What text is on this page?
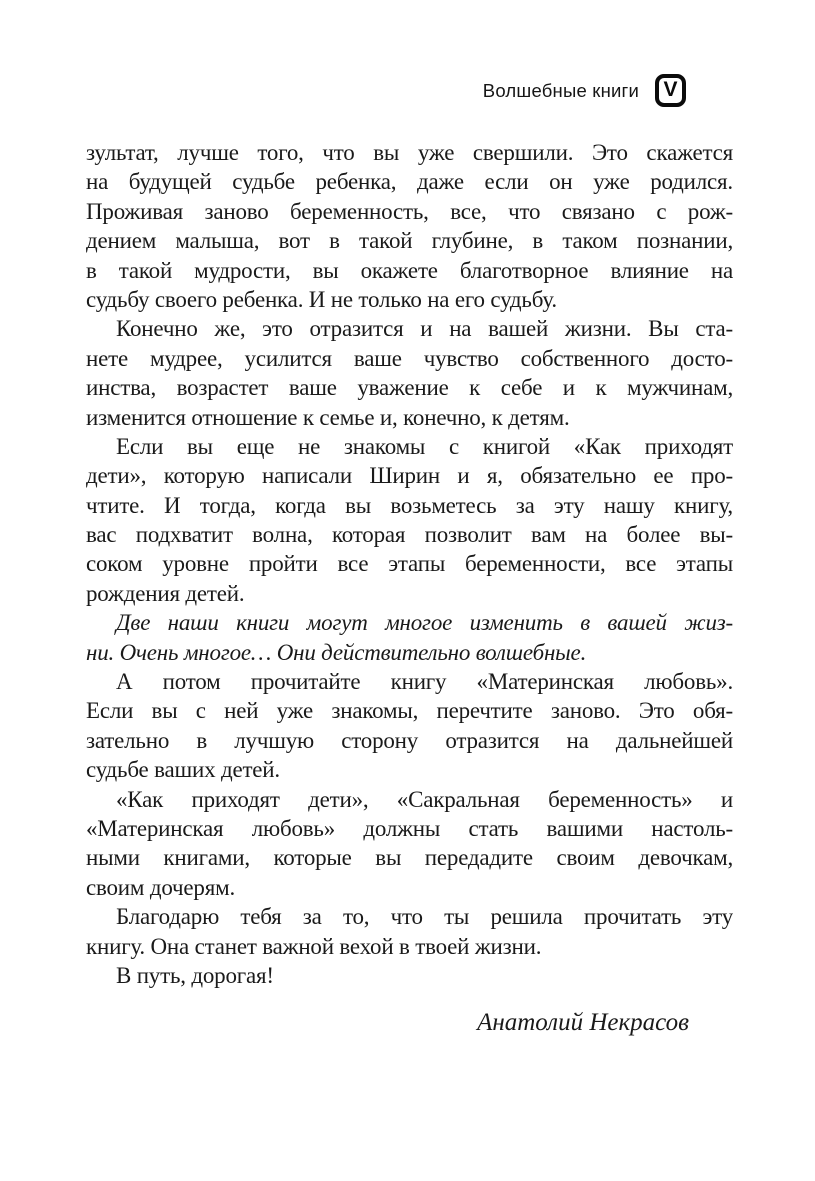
Волшебные книги V
зультат, лучше того, что вы уже свершили. Это скажется
на будущей судьбе ребенка, даже если он уже родился.
Проживая заново беременность, все, что связано с рож-
дением малыша, вот в такой глубине, в таком познании,
в такой мудрости, вы окажете благотворное влияние на
судьбу своего ребенка. И не только на его судьбу.
Конечно же, это отразится и на вашей жизни. Вы ста-
нете мудрее, усилится ваше чувство собственного досто-
инства, возрастет ваше уважение к себе и к мужчинам,
изменится отношение к семье и, конечно, к детям.
Если вы еще не знакомы с книгой «Как приходят
дети», которую написали Ширин и я, обязательно ее про-
чтите. И тогда, когда вы возьметесь за эту нашу книгу,
вас подхватит волна, которая позволит вам на более вы-
соком уровне пройти все этапы беременности, все этапы
рождения детей.
Две наши книги могут многое изменить в вашей жиз-
ни. Очень многое… Они действительно волшебные.
А потом прочитайте книгу «Материнская любовь».
Если вы с ней уже знакомы, перечтите заново. Это обя-
зательно в лучшую сторону отразится на дальнейшей
судьбе ваших детей.
«Как приходят дети», «Сакральная беременность» и
«Материнская любовь» должны стать вашими настоль-
ными книгами, которые вы передадите своим девочкам,
своим дочерям.
Благодарю тебя за то, что ты решила прочитать эту
книгу. Она станет важной вехой в твоей жизни.
В путь, дорогая!
Анатолий Некрасов
